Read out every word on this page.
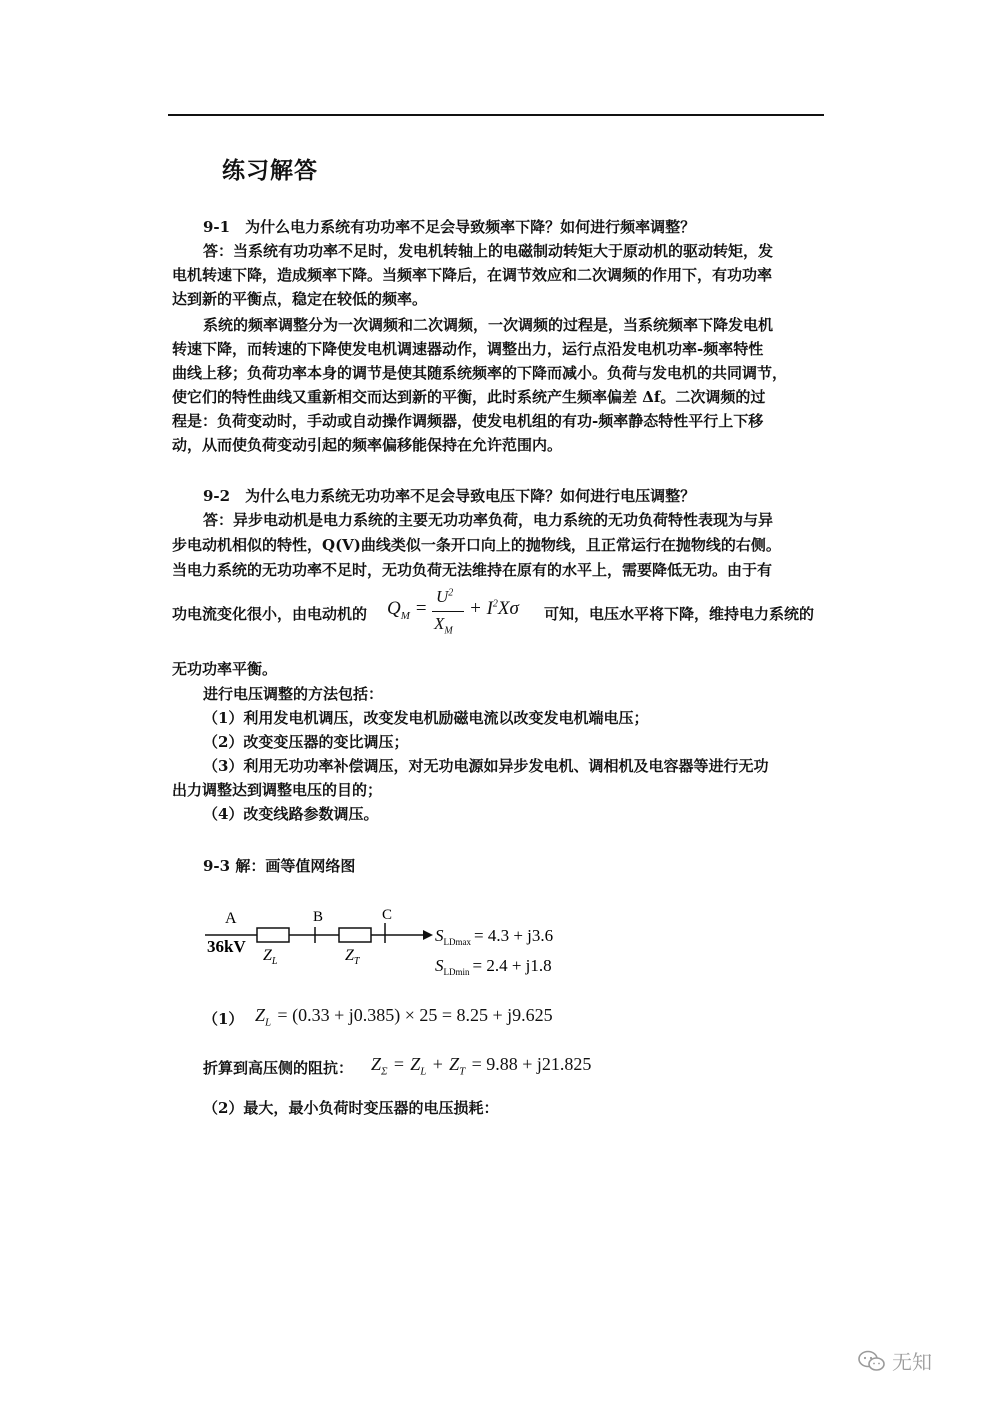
练习解答
9-1　为什么电力系统有功功率不足会导致频率下降？如何进行频率调整？
答：当系统有功功率不足时，发电机转轴上的电磁制动转矩大于原动机的驱动转矩，发
电机转速下降，造成频率下降。当频率下降后，在调节效应和二次调频的作用下，有功功率
达到新的平衡点，稳定在较低的频率。
系统的频率调整分为一次调频和二次调频，一次调频的过程是，当系统频率下降发电机
转速下降，而转速的下降使发电机调速器动作，调整出力，运行点沿发电机功率-频率特性
曲线上移；负荷功率本身的调节是使其随系统频率的下降而减小。负荷与发电机的共同调节，
使它们的特性曲线又重新相交而达到新的平衡，此时系统产生频率偏差 Δf。二次调频的过
程是：负荷变动时，手动或自动操作调频器，使发电机组的有功-频率静态特性平行上下移
动，从而使负荷变动引起的频率偏移能保持在允许范围内。
9-2　为什么电力系统无功功率不足会导致电压下降？如何进行电压调整？
答：异步电动机是电力系统的主要无功功率负荷，电力系统的无功负荷特性表现为与异
步电动机相似的特性，Q(V)曲线类似一条开口向上的抛物线，且正常运行在抛物线的右侧。
当电力系统的无功功率不足时，无功负荷无法维持在原有的水平上，需要降低无功。由于有
功电流变化很小，由电动机的 $Q_M$ =
$U^2$
$X_M$
+ $I^2X\sigma$ 可知，电压水平将下降，维持电力系统的
无功功率平衡。
进行电压调整的方法包括：
（1）利用发电机调压，改变发电机励磁电流以改变发电机端电压；
（2）改变变压器的变比调压；
（3）利用无功功率补偿调压，对无功电源如异步发电机、调相机及电容器等进行无功
出力调整达到调整电压的目的；
（4）改变线路参数调压。
9-3 解：画等值网络图
A	B	C
36kV $Z_L$	$Z_T$
$S_{LDmax} = 4.3 + j3.6$
$S_{LDmin} = 2.4 + j1.8$
（1） $Z_L = (0.33 + j0.385) \times 25 = 8.25 + j9.625$
折算到高压侧的阻抗： $Z_\Sigma = Z_L + Z_T = 9.88 + j21.825$
（2）最大，最小负荷时变压器的电压损耗：
无知
